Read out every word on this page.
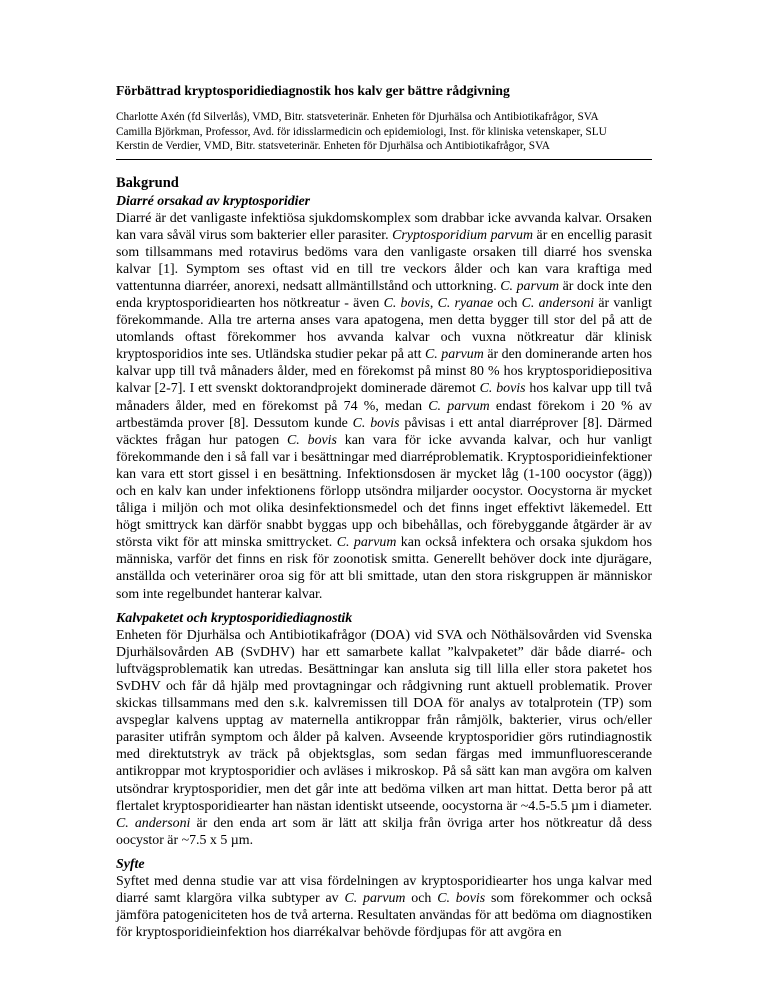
Förbättrad kryptosporidiediagnostik hos kalv ger bättre rådgivning
Charlotte Axén (fd Silverlås), VMD, Bitr. statsveterinär. Enheten för Djurhälsa och Antibiotikafrågor, SVA
Camilla Björkman, Professor, Avd. för idisslarmedicin och epidemiologi, Inst. för kliniska vetenskaper, SLU
Kerstin de Verdier, VMD, Bitr. statsveterinär. Enheten för Djurhälsa och Antibiotikafrågor, SVA
Bakgrund
Diarré orsakad av kryptosporidier

Diarré är det vanligaste infektiösa sjukdomskomplex som drabbar icke avvanda kalvar. Orsaken kan vara såväl virus som bakterier eller parasiter. Cryptosporidium parvum är en encellig parasit som tillsammans med rotavirus bedöms vara den vanligaste orsaken till diarré hos svenska kalvar [1]. Symptom ses oftast vid en till tre veckors ålder och kan vara kraftiga med vattentunna diarréer, anorexi, nedsatt allmäntillstånd och uttorkning. C. parvum är dock inte den enda kryptosporidiearten hos nötkreatur - även C. bovis, C. ryanae och C. andersoni är vanligt förekommande. Alla tre arterna anses vara apatogena, men detta bygger till stor del på att de utomlands oftast förekommer hos avvanda kalvar och vuxna nötkreatur där klinisk kryptosporidios inte ses. Utländska studier pekar på att C. parvum är den dominerande arten hos kalvar upp till två månaders ålder, med en förekomst på minst 80 % hos kryptosporidiepositiva kalvar [2-7]. I ett svenskt doktorandprojekt dominerade däremot C. bovis hos kalvar upp till två månaders ålder, med en förekomst på 74 %, medan C. parvum endast förekom i 20 % av artbestämda prover [8]. Dessutom kunde C. bovis påvisas i ett antal diarréprover [8]. Därmed väcktes frågan hur patogen C. bovis kan vara för icke avvanda kalvar, och hur vanligt förekommande den i så fall var i besättningar med diarréproblematik. Kryptosporidieinfektioner kan vara ett stort gissel i en besättning. Infektionsdosen är mycket låg (1-100 oocystor (ägg)) och en kalv kan under infektionens förlopp utsöndra miljarder oocystor. Oocystorna är mycket tåliga i miljön och mot olika desinfektionsmedel och det finns inget effektivt läkemedel. Ett högt smittryck kan därför snabbt byggas upp och bibehållas, och förebyggande åtgärder är av största vikt för att minska smittrycket. C. parvum kan också infektera och orsaka sjukdom hos människa, varför det finns en risk för zoonotisk smitta. Generellt behöver dock inte djurägare, anställda och veterinärer oroa sig för att bli smittade, utan den stora riskgruppen är människor som inte regelbundet hanterar kalvar.

Kalvpaketet och kryptosporidiediagnostik

Enheten för Djurhälsa och Antibiotikafrågor (DOA) vid SVA och Nöthälsovården vid Svenska Djurhälsovården AB (SvDHV) har ett samarbete kallat ”kalvpaketet” där både diarré- och luftvägsproblematik kan utredas. Besättningar kan ansluta sig till lilla eller stora paketet hos SvDHV och får då hjälp med provtagningar och rådgivning runt aktuell problematik. Prover skickas tillsammans med den s.k. kalvremissen till DOA för analys av totalprotein (TP) som avspeglar kalvens upptag av maternella antikroppar från råmjölk, bakterier, virus och/eller parasiter utifrån symptom och ålder på kalven. Avseende kryptosporidier görs rutindiagnostik med direktutstryk av träck på objektsglas, som sedan färgas med immunfluorescerande antikroppar mot kryptosporidier och avläses i mikroskop. På så sätt kan man avgöra om kalven utsöndrar kryptosporidier, men det går inte att bedöma vilken art man hittat. Detta beror på att flertalet kryptosporidiearter han nästan identiskt utseende, oocystorna är ~4.5-5.5 µm i diameter. C. andersoni är den enda art som är lätt att skilja från övriga arter hos nötkreatur då dess oocystor är ~7.5 x 5 µm.

Syfte

Syftet med denna studie var att visa fördelningen av kryptosporidiearter hos unga kalvar med diarré samt klargöra vilka subtyper av C. parvum och C. bovis som förekommer och också jämföra patogeniciteten hos de två arterna. Resultaten användas för att bedöma om diagnostiken för kryptosporidieinfektion hos diarrékalvar behövde fördjupas för att avgöra en
